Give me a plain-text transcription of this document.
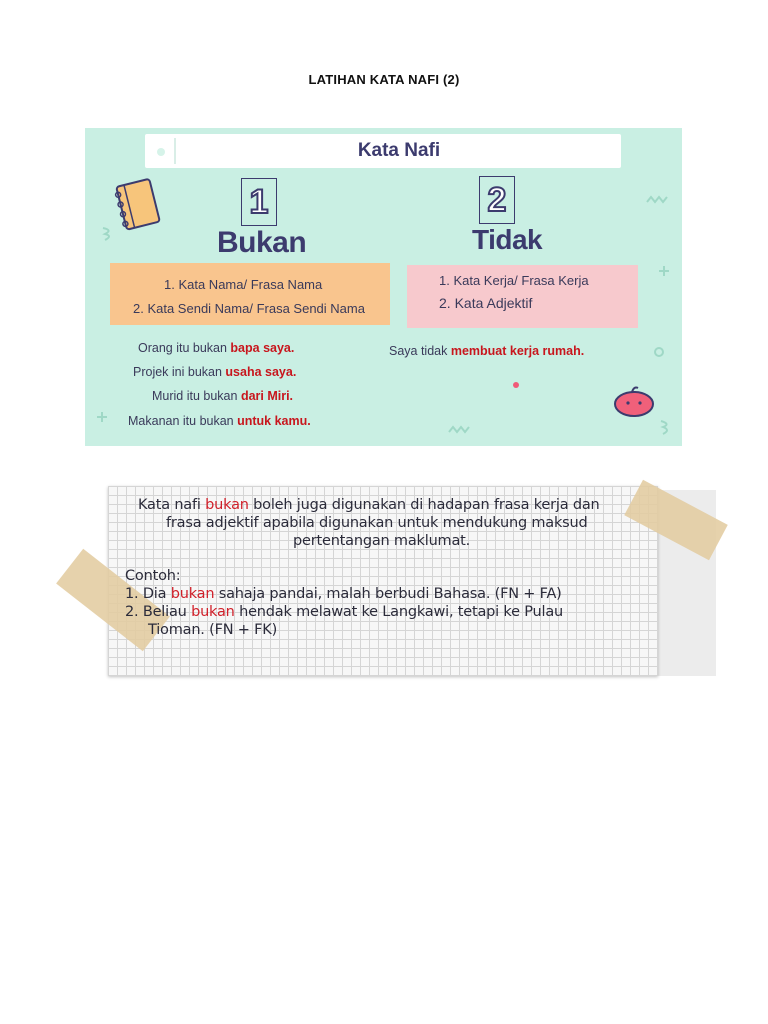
LATIHAN KATA NAFI (2)
Kata Nafi
1
Bukan
2
Tidak
1. Kata Nama/ Frasa Nama
2. Kata Sendi Nama/ Frasa Sendi Nama
1. Kata Kerja/ Frasa Kerja
2. Kata Adjektif
Orang itu bukan bapa saya.
Projek ini bukan usaha saya.
Murid itu bukan dari Miri.
Makanan itu bukan untuk kamu.
Saya tidak membuat kerja rumah.
Kata nafi bukan boleh juga digunakan di hadapan frasa kerja dan
frasa adjektif apabila digunakan untuk mendukung maksud
pertentangan maklumat.
Contoh:
1. Dia bukan sahaja pandai, malah berbudi Bahasa. (FN + FA)
2. Beliau bukan hendak melawat ke Langkawi, tetapi ke Pulau
Tioman. (FN + FK)
